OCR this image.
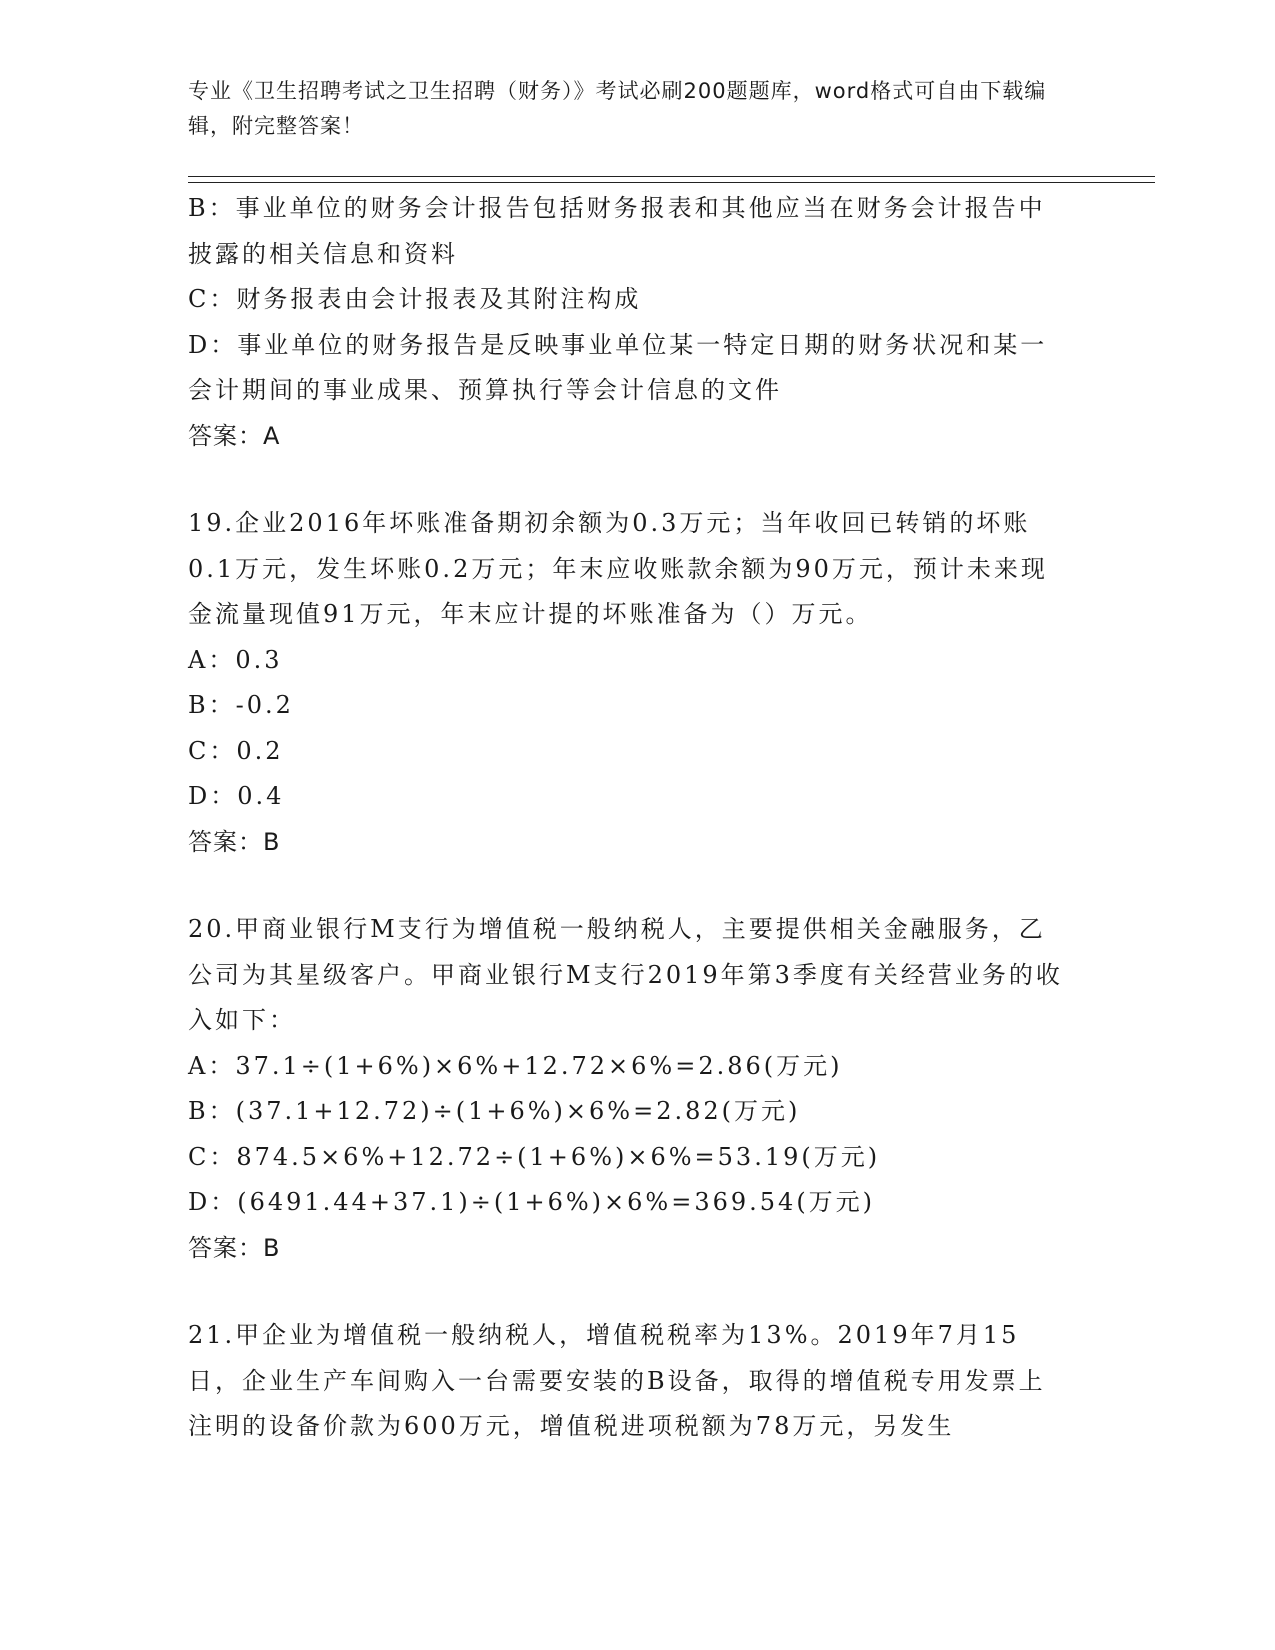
专业《卫生招聘考试之卫生招聘（财务）》考试必刷200题题库，word格式可自由下载编辑，附完整答案！
B：事业单位的财务会计报告包括财务报表和其他应当在财务会计报告中披露的相关信息和资料
C：财务报表由会计报表及其附注构成
D：事业单位的财务报告是反映事业单位某一特定日期的财务状况和某一会计期间的事业成果、预算执行等会计信息的文件
答案：A
19.企业2016年坏账准备期初余额为0.3万元；当年收回已转销的坏账0.1万元，发生坏账0.2万元；年末应收账款余额为90万元，预计未来现金流量现值91万元，年末应计提的坏账准备为（）万元。
A：0.3
B：-0.2
C：0.2
D：0.4
答案：B
20.甲商业银行M支行为增值税一般纳税人，主要提供相关金融服务，乙公司为其星级客户。甲商业银行M支行2019年第3季度有关经营业务的收入如下：
A：37.1÷(1+6%)×6%+12.72×6%=2.86(万元)
B：(37.1+12.72)÷(1+6%)×6%=2.82(万元)
C：874.5×6%+12.72÷(1+6%)×6%=53.19(万元)
D：(6491.44+37.1)÷(1+6%)×6%=369.54(万元)
答案：B
21.甲企业为增值税一般纳税人，增值税税率为13%。2019年7月15日，企业生产车间购入一台需要安装的B设备，取得的增值税专用发票上注明的设备价款为600万元，增值税进项税额为78万元，另发生
